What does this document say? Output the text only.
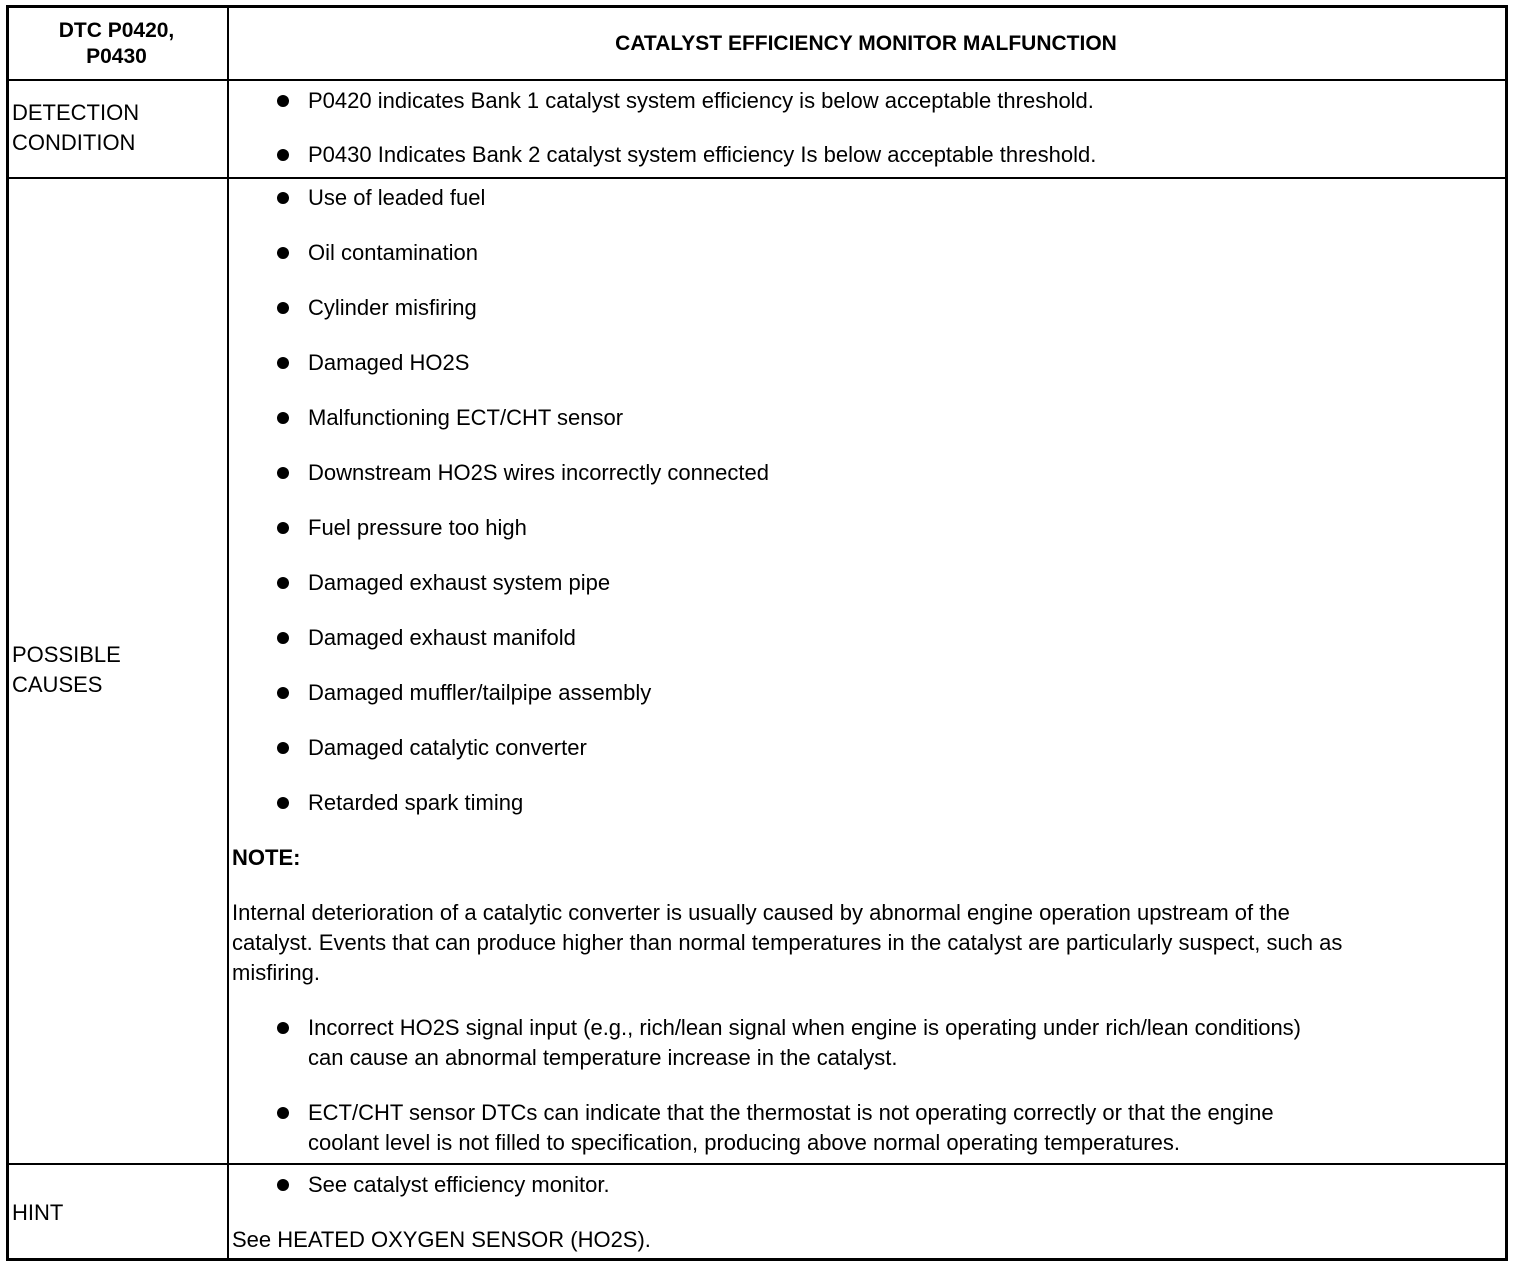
DTC P0420,
P0430
CATALYST EFFICIENCY MONITOR MALFUNCTION
DETECTION
CONDITION
P0420 indicates Bank 1 catalyst system efficiency is below acceptable threshold.
P0430 Indicates Bank 2 catalyst system efficiency Is below acceptable threshold.
POSSIBLE
CAUSES
Use of leaded fuel
Oil contamination
Cylinder misfiring
Damaged HO2S
Malfunctioning ECT/CHT sensor
Downstream HO2S wires incorrectly connected
Fuel pressure too high
Damaged exhaust system pipe
Damaged exhaust manifold
Damaged muffler/tailpipe assembly
Damaged catalytic converter
Retarded spark timing
NOTE:
Internal deterioration of a catalytic converter is usually caused by abnormal engine operation upstream of the
catalyst. Events that can produce higher than normal temperatures in the catalyst are particularly suspect, such as
misfiring.
Incorrect HO2S signal input (e.g., rich/lean signal when engine is operating under rich/lean conditions)
can cause an abnormal temperature increase in the catalyst.
ECT/CHT sensor DTCs can indicate that the thermostat is not operating correctly or that the engine
coolant level is not filled to specification, producing above normal operating temperatures.
HINT
See catalyst efficiency monitor.
See HEATED OXYGEN SENSOR (HO2S).
